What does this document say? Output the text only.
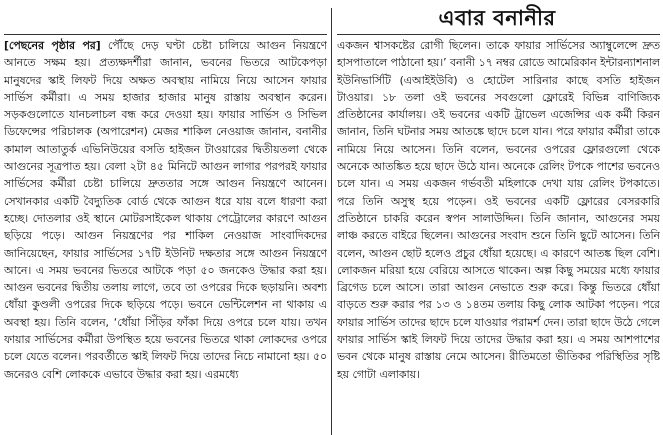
এবার বনানীর

[পেছনের পৃষ্ঠার পর] পৌঁছে দেড় ঘণ্টা চেষ্টা চালিয়ে আগুন নিয়ন্ত্রণে আনতে সক্ষম হয়। প্রত্যক্ষদর্শীরা জানান, ভবনের ভিতরে আটকেপড়া মানুষদের স্কাই লিফট দিয়ে অক্ষত অবস্থায় নামিয়ে নিয়ে আসেন ফায়ার সার্ভিস কর্মীরা। এ সময় হাজার হাজার মানুষ রাস্তায় অবস্থান করেন। সড়কগুলোতে যানচলাচল বন্ধ করে দেওয়া হয়। ফায়ার সার্ভিস ও সিভিল ডিফেন্সের পরিচালক (অপারেশন) মেজর শাকিল নেওয়াজ জানান, বনানীর কামাল আতাতুর্ক এভিনিউয়ের বসতি হাইজন টাওয়ারের দ্বিতীয়তলা থেকে আগুনের সূত্রপাত হয়। বেলা ২টা ৪৫ মিনিটে আগুন লাগার পরপরই ফায়ার সার্ভিসের কর্মীরা চেষ্টা চালিয়ে দ্রুততার সঙ্গে আগুন নিয়ন্ত্রণে আনেন। সেখানকার একটি বৈদ্যুতিক বোর্ড থেকে আগুন ধরে যায় বলে ধারণা করা হচ্ছে। দোতলার ওই স্থানে মোটরসাইকেল থাকায় পেট্রোলের কারণে আগুন ছড়িয়ে পড়ে। আগুন নিয়ন্ত্রণের পর শাকিল নেওয়াজ সাংবাদিকদের জানিয়েছেন, ফায়ার সার্ভিসের ১৭টি ইউনিট দক্ষতার সঙ্গে আগুন নিয়ন্ত্রণে আনে। এ সময় ভবনের ভিতরে আটকে পড়া ৫০ জনকেও উদ্ধার করা হয়। আগুন ভবনের দ্বিতীয় তলায় লাগে, তবে তা ওপরের দিকে ছড়ায়নি। অবশ্য ধোঁয়া কুণ্ডলী ওপরের দিকে ছড়িয়ে পড়ে। ভবনে ভেন্টিলেশন না থাকায় এ অবস্থা হয়। তিনি বলেন, ‘ধোঁয়া সিঁড়ির ফাঁকা দিয়ে ওপরে চলে যায়। তখন ফায়ার সার্ভিসের কর্মীরা উপস্থিত হয়ে ভবনের ভিতরে থাকা লোকদের ওপরে চলে যেতে বলেন। পরবর্তীতে স্কাই লিফট দিয়ে তাদের নিচে নামানো হয়। ৫০ জনেরও বেশি লোককে এভাবে উদ্ধার করা হয়। এরমধ্যে

একজন শ্বাসকষ্টের রোগী ছিলেন। তাকে ফায়ার সার্ভিসের অ্যাম্বুলেন্সে দ্রুত হাসপাতালে পাঠানো হয়।’ বনানী ১৭ নম্বর রোডে আমেরিকান ইন্টারন্যাশনাল ইউনিভার্সিটি (এআইইউবি) ও হোটেল সারিনার কাছে বসতি হাইজন টাওয়ার। ১৮ তলা ওই ভবনের সবগুলো ফ্লোরেই বিভিন্ন বাণিজ্যিক প্রতিষ্ঠানের কার্যালয়। ওই ভবনের একটি ট্রাভেল এজেন্সির এক কর্মী কিরন জানান, তিনি ঘটনার সময় আতঙ্কে ছাদে চলে যান। পরে ফায়ার কর্মীরা তাকে নামিয়ে নিয়ে আসেন। তিনি বলেন, ভবনের ওপরের ফ্লোরগুলো থেকে অনেকে আতঙ্কিত হয়ে ছাদে উঠে যান। অনেকে রেলিং টপকে পাশের ভবনেও চলে যান। এ সময় একজন গর্ভবতী মহিলাকে দেখা যায় রেলিং টপকাতে। পরে তিনি অসুস্থ হয়ে পড়েন। ওই ভবনের একটি ফ্লোরের বেসরকারি প্রতিষ্ঠানে চাকরি করেন স্বপন সালাউদ্দিন। তিনি জানান, আগুনের সময় লাঞ্চ করতে বাইরে ছিলেন। আগুনের সংবাদ শুনে তিনি ছুটে আসেন। তিনি বলেন, আগুন ছোট হলেও প্রচুর ধোঁয়া হয়েছে। এ কারণে আতঙ্ক ছিল বেশি। লোকজন মরিয়া হয়ে বেরিয়ে আসতে থাকেন। অল্প কিছু সময়ের মধ্যে ফায়ার ব্রিগেড চলে আসে। তারা আগুন নেভাতে শুরু করে। কিন্তু ভিতরে ধোঁয়া বাড়তে শুরু করার পর ১৩ ও ১৪তম তলায় কিছু লোক আটকা পড়েন। পরে ফায়ার সার্ভিস তাদের ছাদে চলে যাওয়ার পরামর্শ দেন। তারা ছাদে উঠে গেলে ফায়ার সার্ভিস স্কাই লিফট দিয়ে তাদের উদ্ধার করা হয়। এ সময় আশপাশের ভবন থেকে মানুষ রাস্তায় নেমে আসেন। রীতিমতো ভীতিকর পরিস্থিতির সৃষ্টি হয় গোটা এলাকায়।
